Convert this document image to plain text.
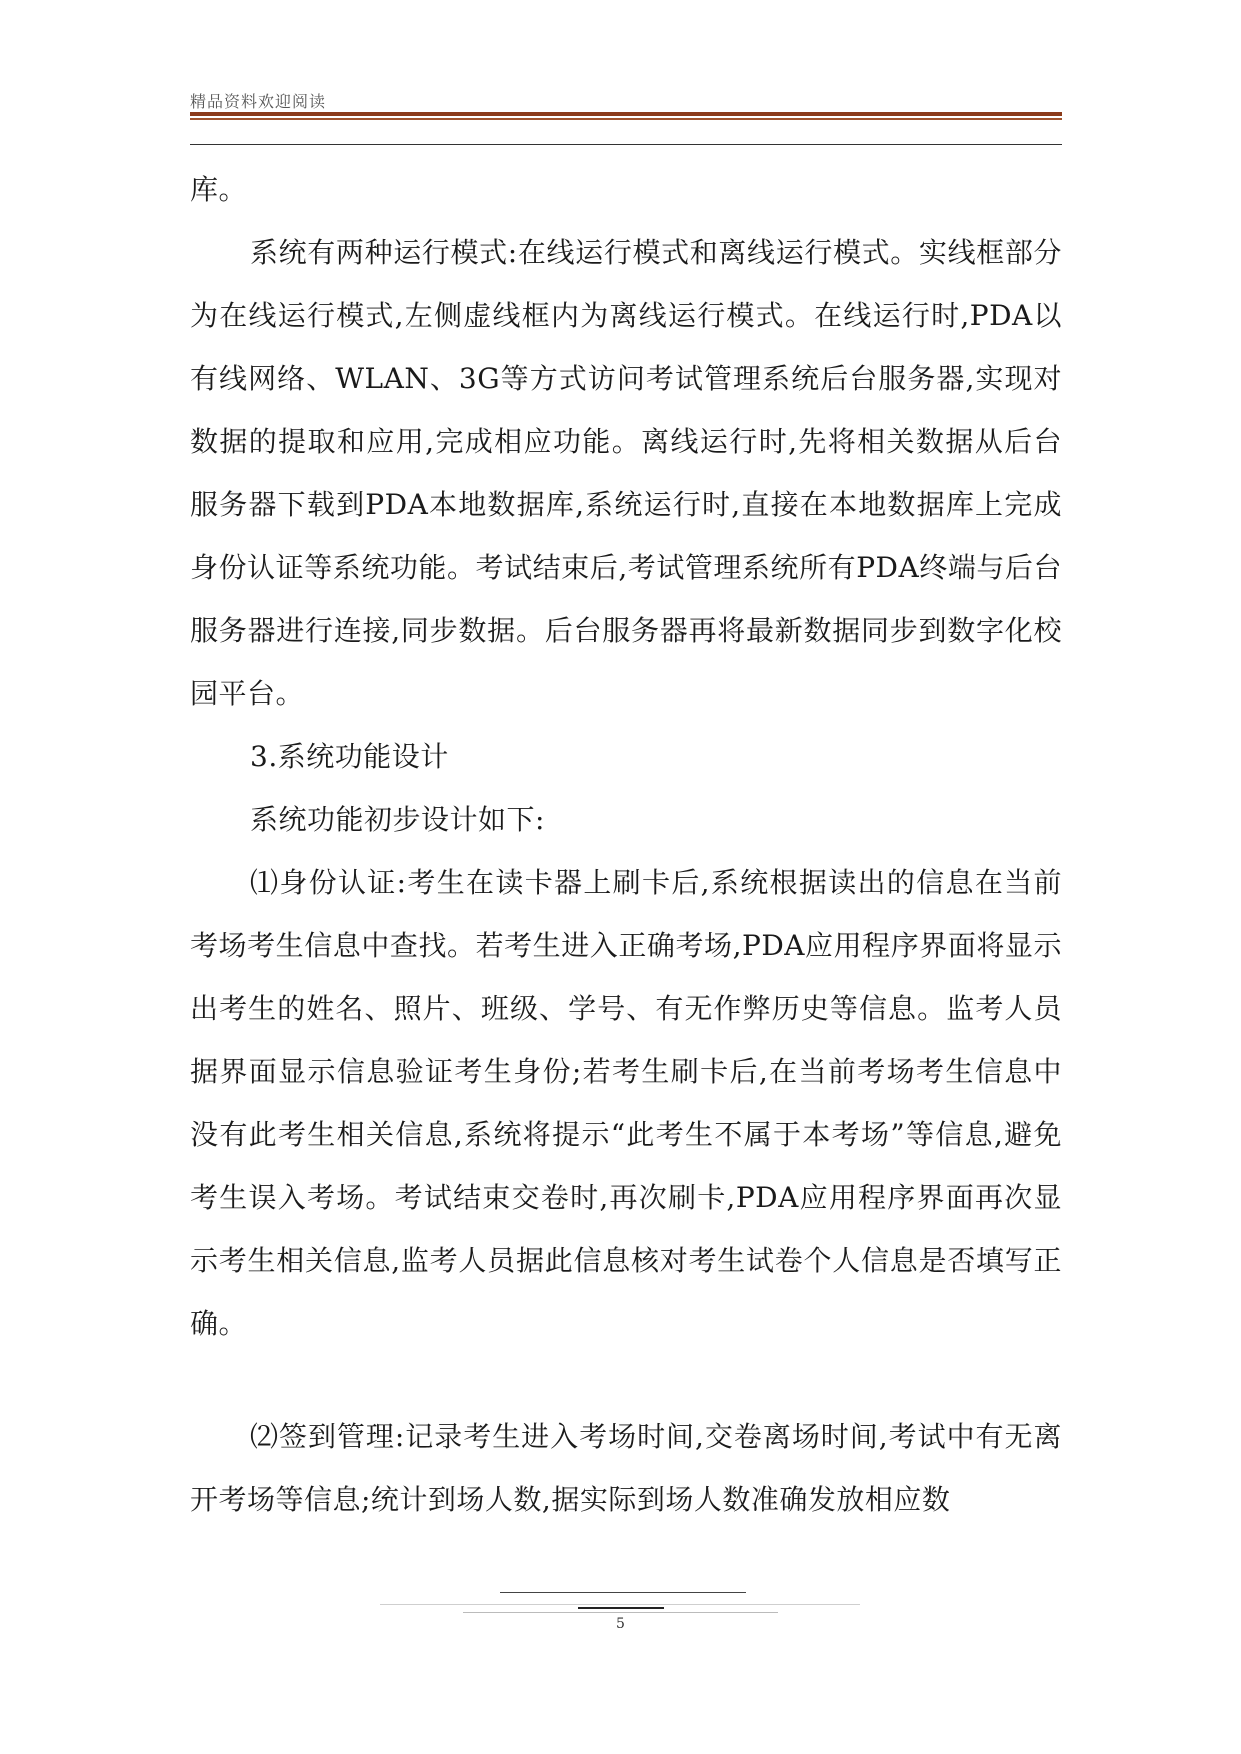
精品资料欢迎阅读

库。

系统有两种运行模式:在线运行模式和离线运行模式。实线框部分为在线运行模式,左侧虚线框内为离线运行模式。在线运行时,PDA以有线网络、WLAN、3G等方式访问考试管理系统后台服务器,实现对数据的提取和应用,完成相应功能。离线运行时,先将相关数据从后台服务器下载到PDA本地数据库,系统运行时,直接在本地数据库上完成身份认证等系统功能。考试结束后,考试管理系统所有PDA终端与后台服务器进行连接,同步数据。后台服务器再将最新数据同步到数字化校园平台。

3.系统功能设计

系统功能初步设计如下:

⑴身份认证:考生在读卡器上刷卡后,系统根据读出的信息在当前考场考生信息中查找。若考生进入正确考场,PDA应用程序界面将显示出考生的姓名、照片、班级、学号、有无作弊历史等信息。监考人员据界面显示信息验证考生身份;若考生刷卡后,在当前考场考生信息中没有此考生相关信息,系统将提示“此考生不属于本考场”等信息,避免考生误入考场。考试结束交卷时,再次刷卡,PDA应用程序界面再次显示考生相关信息,监考人员据此信息核对考生试卷个人信息是否填写正确。

⑵签到管理:记录考生进入考场时间,交卷离场时间,考试中有无离开考场等信息;统计到场人数,据实际到场人数准确发放相应数

5
